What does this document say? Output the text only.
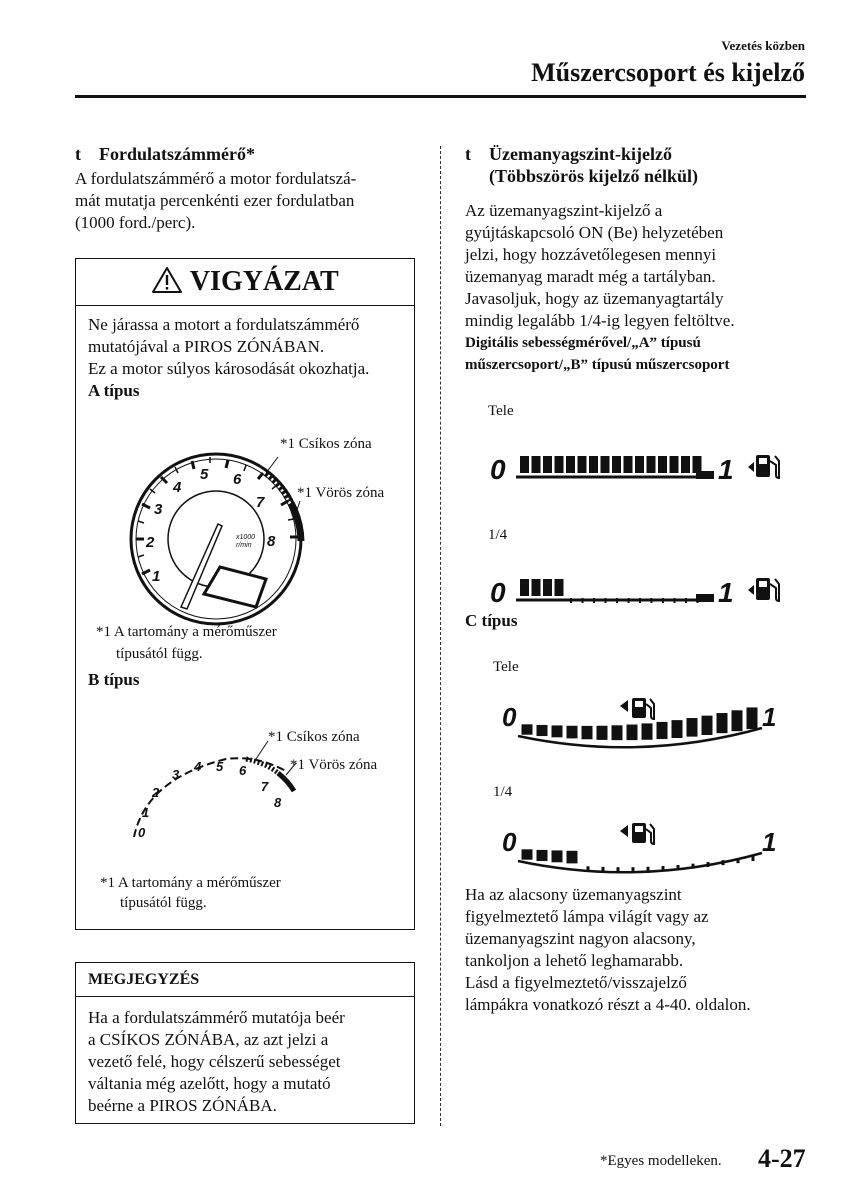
Vezetés közben
Műszercsoport és kijelző
t Fordulatszámmérő*
A fordulatszámmérő a motor fordulatszá-
mát mutatja percenkénti ezer fordulatban
(1000 ford./perc).
VIGYÁZAT
Ne járassa a motort a fordulatszámmérő
mutatójával a PIROS ZÓNÁBAN.
Ez a motor súlyos károsodását okozhatja.
A típus
1
2
3
4
5 6
7
8
x1000
r/min
*1 Csíkos zóna
*1 Vörös zóna
*1 A tartomány a mérőműszer
típusától függ.
B típus
0
1
2
3
4 5 6
7
8
*1 Csíkos zóna
*1 Vörös zóna
*1 A tartomány a mérőműszer
típusától függ.
MEGJEGYZÉS
Ha a fordulatszámmérő mutatója beér
a CSÍKOS ZÓNÁBA, az azt jelzi a
vezető felé, hogy célszerű sebességet
váltania még azelőtt, hogy a mutató
beérne a PIROS ZÓNÁBA.
t Üzemanyagszint-kijelző
(Többszörös kijelző nélkül)
Az üzemanyagszint-kijelző a
gyújtáskapcsoló ON (Be) helyzetében
jelzi, hogy hozzávetőlegesen mennyi
üzemanyag maradt még a tartályban.
Javasoljuk, hogy az üzemanyagtartály
mindig legalább 1/4-ig legyen feltöltve.
Digitális sebességmérővel/„A” típusú
műszercsoport/„B” típusú műszercsoport
Tele
0	1
1/4
0	1
C típus
Tele
0	1
1/4
0	1
Ha az alacsony üzemanyagszint
figyelmeztető lámpa világít vagy az
üzemanyagszint nagyon alacsony,
tankoljon a lehető leghamarabb.
Lásd a figyelmeztető/visszajelző
lámpákra vonatkozó részt a 4-40. oldalon.
*Egyes modelleken. 4-27
